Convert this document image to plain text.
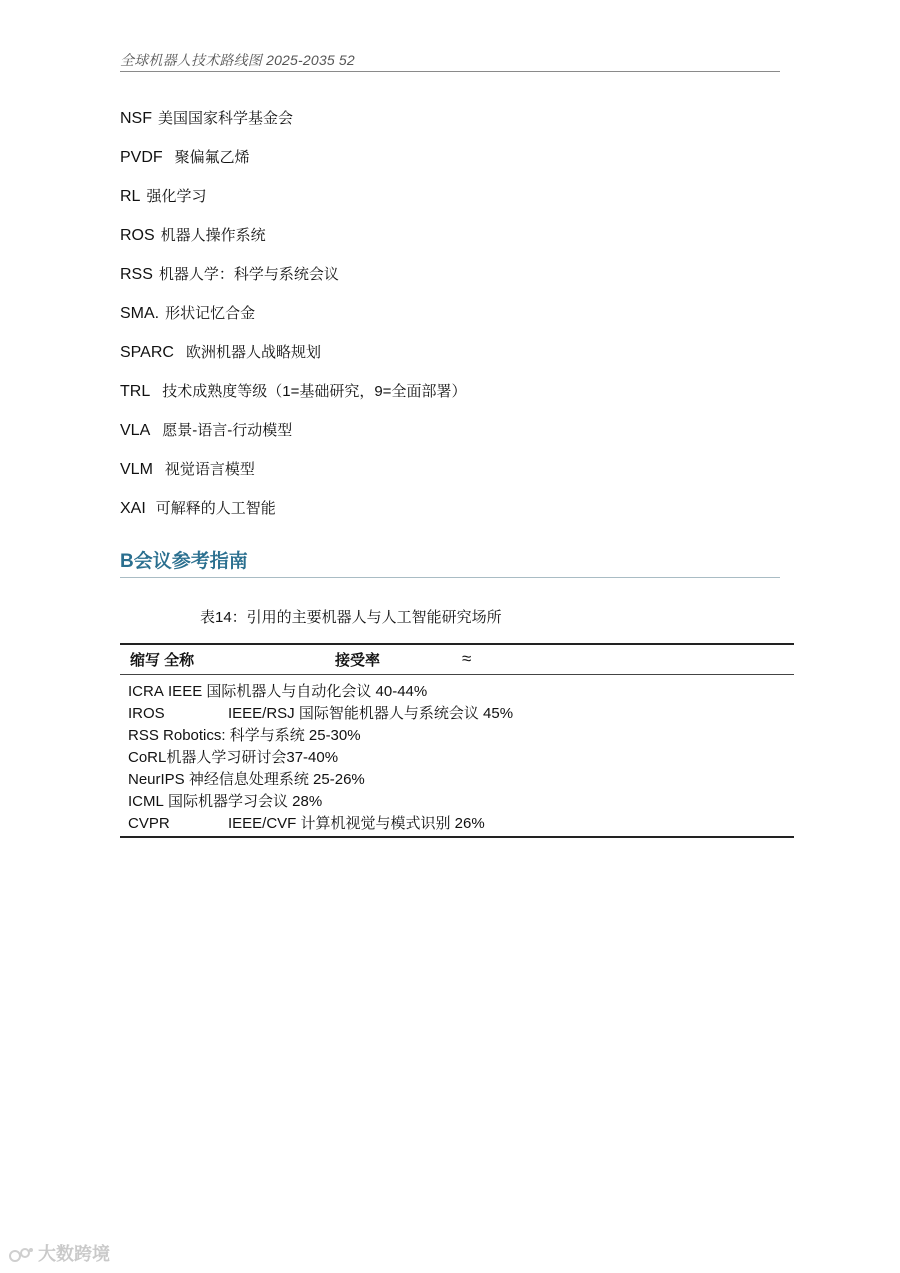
全球机器人技术路线图 2025-2035 52
NSF 美国国家科学基金会
PVDF 聚偏氟乙烯
RL 强化学习
ROS 机器人操作系统
RSS 机器人学：科学与系统会议
SMA. 形状记忆合金
SPARC 欧洲机器人战略规划
TRL 技术成熟度等级（1=基础研究，9=全面部署）
VLA 愿景-语言-行动模型
VLM 视觉语言模型
XAI 可解释的人工智能
B会议参考指南
表14：引用的主要机器人与人工智能研究场所
缩写 全称	接受率	≈
ICRA IEEE 国际机器人与自动化会议 40-44%
IROS	IEEE/RSJ 国际智能机器人与系统会议 45%
RSS Robotics: 科学与系统 25-30%
CoRL机器人学习研讨会37-40%
NeurIPS 神经信息处理系统 25-26%
ICML 国际机器学习会议 28%
CVPR	IEEE/CVF 计算机视觉与模式识别 26%
大数跨境
